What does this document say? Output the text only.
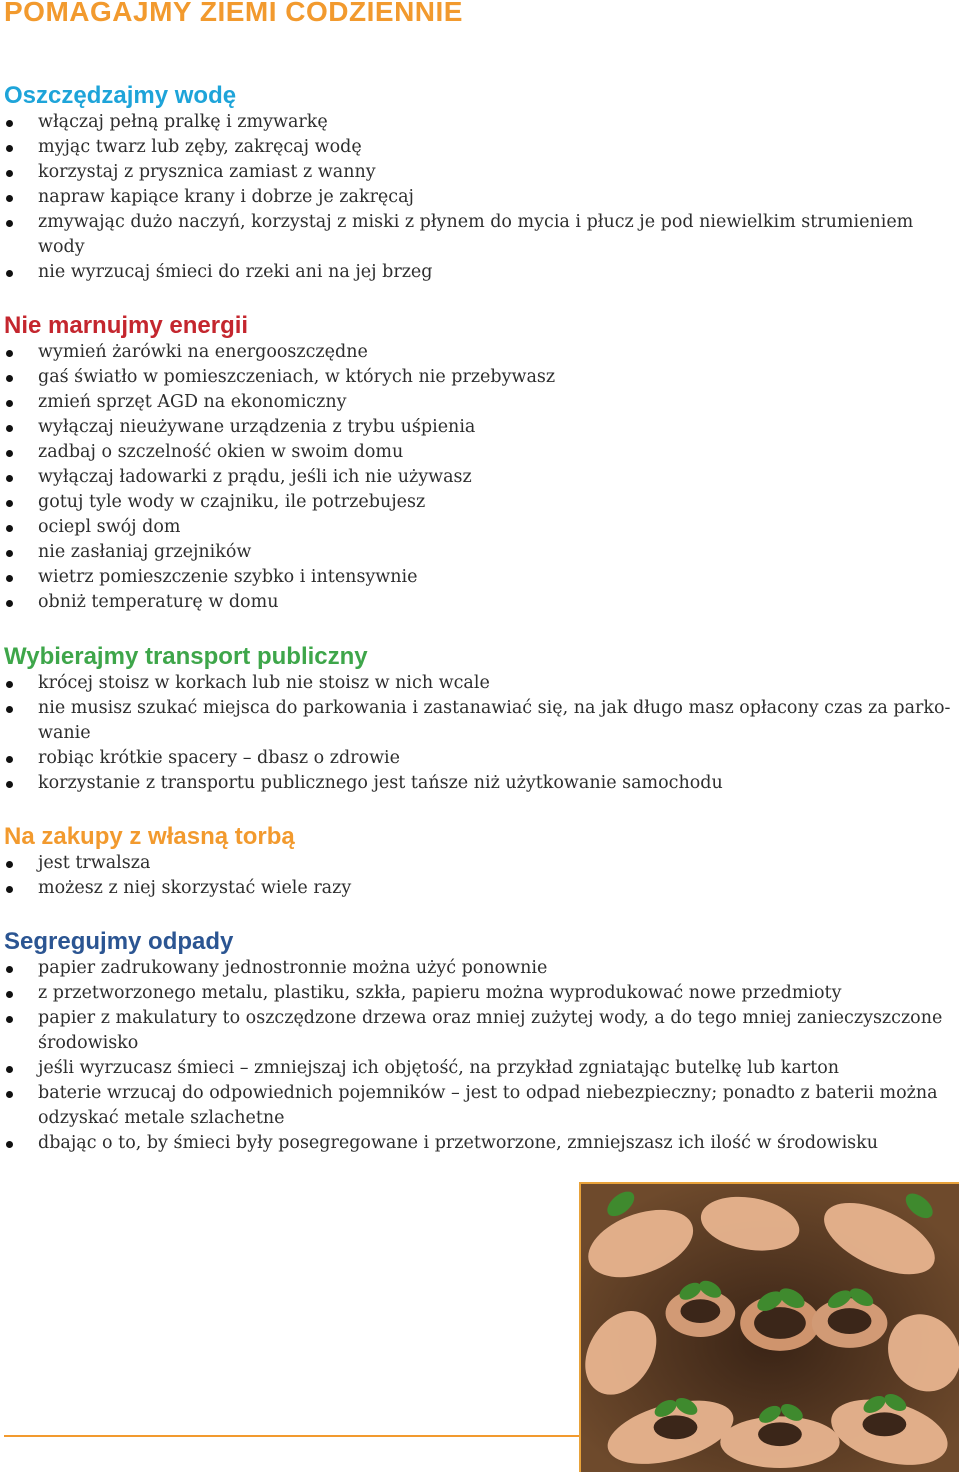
POMAGAJMY ZIEMI CODZIENNIE
Oszczędzajmy wodę
włączaj pełną pralkę i zmywarkę
myjąc twarz lub zęby, zakręcaj wodę
korzystaj z prysznica zamiast z wanny
napraw kapiące krany i dobrze je zakręcaj
zmywając dużo naczyń, korzystaj z miski z płynem do mycia i płucz je pod niewielkim strumieniem wody
nie wyrzucaj śmieci do rzeki ani na jej brzeg
Nie marnujmy energii
wymień żarówki na energooszczędne
gaś światło w pomieszczeniach, w których nie przebywasz
zmień sprzęt AGD na ekonomiczny
wyłączaj nieużywane urządzenia z trybu uśpienia
zadbaj o szczelność okien w swoim domu
wyłączaj ładowarki z prądu, jeśli ich nie używasz
gotuj tyle wody w czajniku, ile potrzebujesz
ociepl swój dom
nie zasłaniaj grzejników
wietrz pomieszczenie szybko i intensywnie
obniż temperaturę w domu
Wybierajmy transport publiczny
krócej stoisz w korkach lub nie stoisz w nich wcale
nie musisz szukać miejsca do parkowania i zastanawiać się, na jak długo masz opłacony czas za parko-wanie
robiąc krótkie spacery – dbasz o zdrowie
korzystanie z transportu publicznego jest tańsze niż użytkowanie samochodu
Na zakupy z własną torbą
jest trwalsza
możesz z niej skorzystać wiele razy
Segregujmy odpady
papier zadrukowany jednostronnie można użyć ponownie
z przetworzonego metalu, plastiku, szkła, papieru można wyprodukować nowe przedmioty
papier z makulatury to oszczędzone drzewa oraz mniej zużytej wody, a do tego mniej zanieczyszczone środowisko
jeśli wyrzucasz śmieci – zmniejszaj ich objętość, na przykład zgniatając butelkę lub karton
baterie wrzucaj do odpowiednich pojemników – jest to odpad niebezpieczny; ponadto z baterii można odzyskać metale szlachetne
dbając o to, by śmieci były posegregowane i przetworzone, zmniejszasz ich ilość w środowisku
